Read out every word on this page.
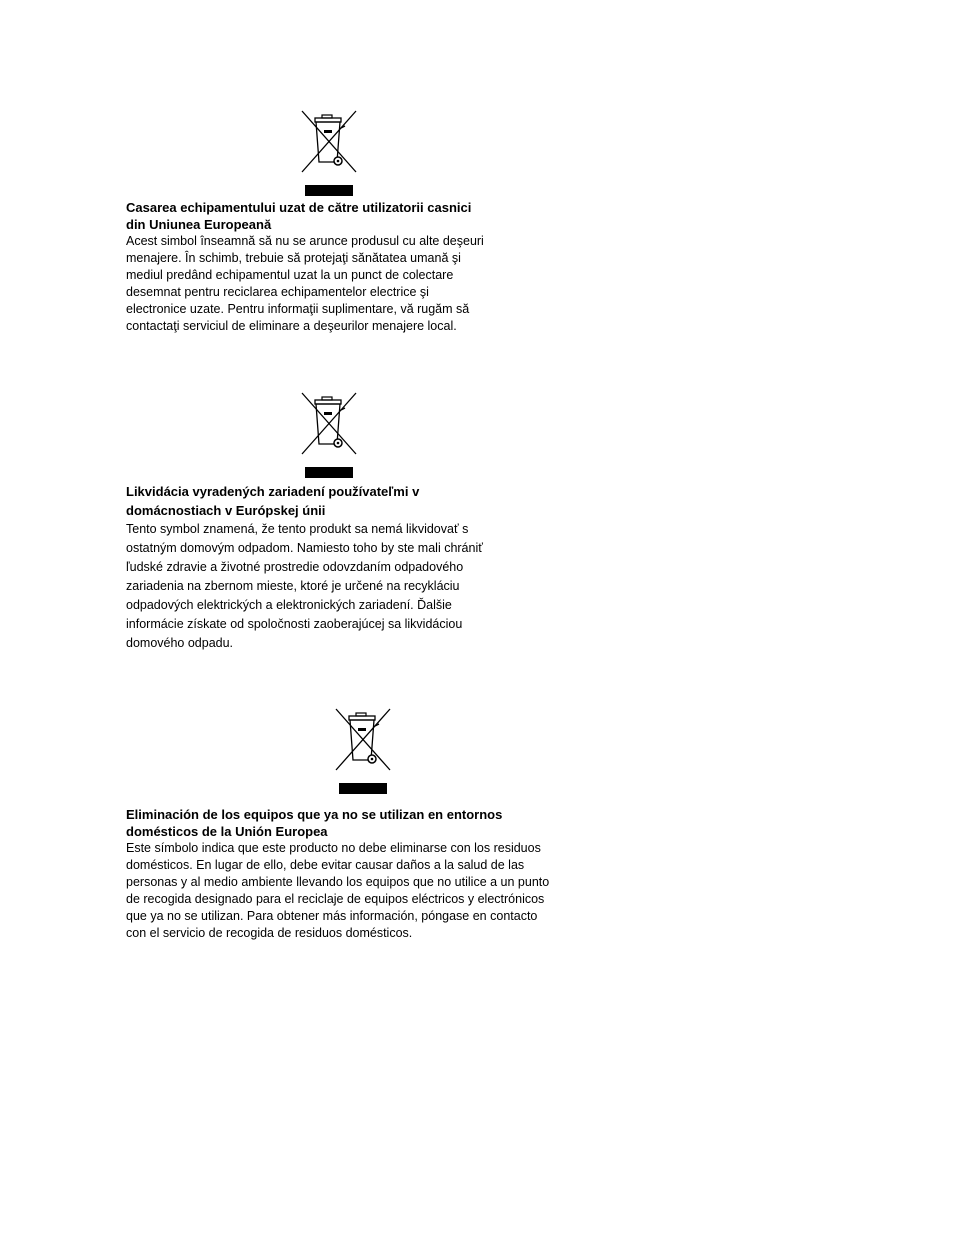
Casarea echipamentului uzat de către utilizatorii casnici
din Uniunea Europeană
Acest simbol înseamnă să nu se arunce produsul cu alte deşeuri
menajere. În schimb, trebuie să protejaţi sănătatea umană şi
mediul predând echipamentul uzat la un punct de colectare
desemnat pentru reciclarea echipamentelor electrice şi
electronice uzate. Pentru informaţii suplimentare, vă rugăm să
contactaţi serviciul de eliminare a deşeurilor menajere local.
Likvidácia vyradených zariadení používateľmi v
domácnostiach v Európskej únii
Tento symbol znamená, že tento produkt sa nemá likvidovať s
ostatným domovým odpadom. Namiesto toho by ste mali chrániť
ľudské zdravie a životné prostredie odovzdaním odpadového
zariadenia na zbernom mieste, ktoré je určené na recykláciu
odpadových elektrických a elektronických zariadení. Ďalšie
informácie získate od spoločnosti zaoberajúcej sa likvidáciou
domového odpadu.
Eliminación de los equipos que ya no se utilizan en entornos
domésticos de la Unión Europea
Este símbolo indica que este producto no debe eliminarse con los residuos
domésticos. En lugar de ello, debe evitar causar daños a la salud de las
personas y al medio ambiente llevando los equipos que no utilice a un punto
de recogida designado para el reciclaje de equipos eléctricos y electrónicos
que ya no se utilizan. Para obtener más información, póngase en contacto
con el servicio de recogida de residuos domésticos.
